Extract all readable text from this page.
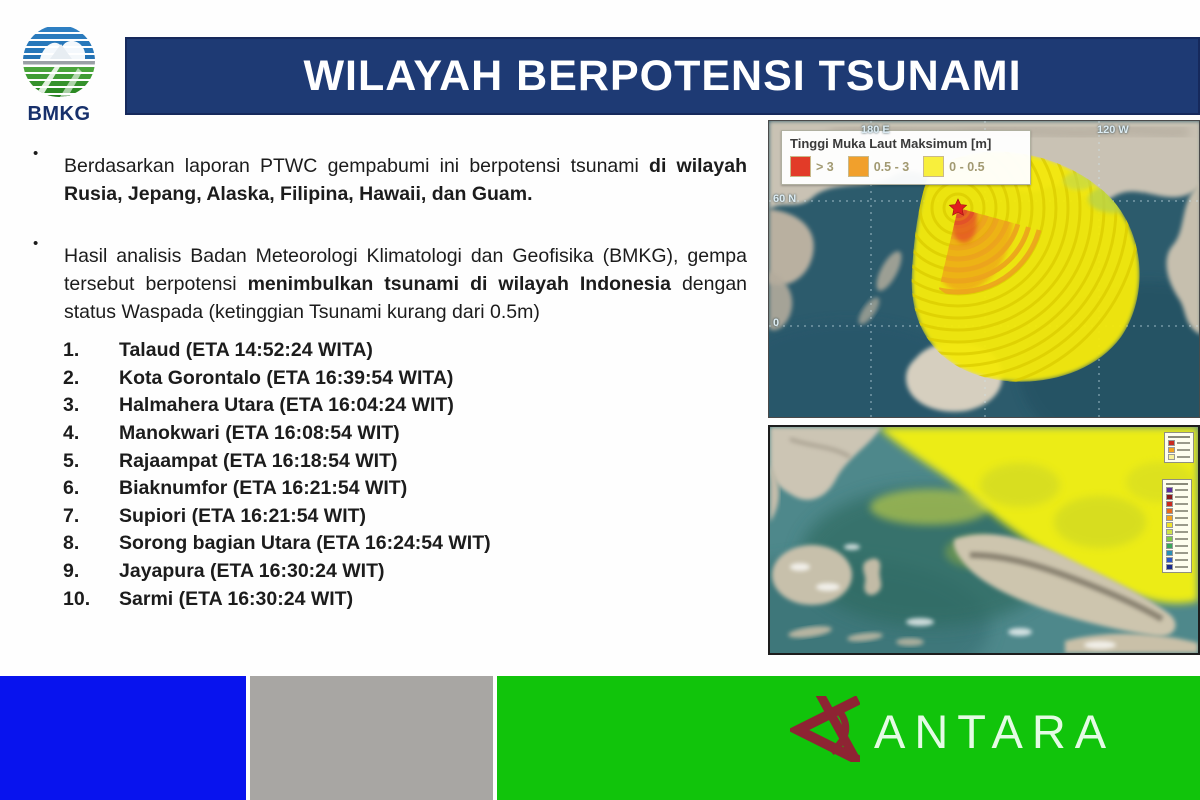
BMKG
WILAYAH BERPOTENSI TSUNAMI
•

Berdasarkan laporan PTWC gempabumi ini berpotensi tsunami di wilayah Rusia, Jepang, Alaska, Filipina, Hawaii, dan Guam.

•

Hasil analisis Badan Meteorologi Klimatologi dan Geofisika (BMKG), gempa tersebut berpotensi menimbulkan tsunami di wilayah Indonesia dengan status Waspada (ketinggian Tsunami kurang dari 0.5m)

1.	Talaud (ETA 14:52:24 WITA)
2.	Kota Gorontalo (ETA 16:39:54 WITA)
3.	Halmahera Utara (ETA 16:04:24 WIT)
4.	Manokwari (ETA 16:08:54 WIT)
5.	Rajaampat (ETA 16:18:54 WIT)
6.	Biaknumfor (ETA 16:21:54 WIT)
7.	Supiori (ETA 16:21:54 WIT)
8.	Sorong bagian Utara (ETA 16:24:54 WIT)
9.	Jayapura (ETA 16:30:24 WIT)
10.	Sarmi (ETA 16:30:24 WIT)
Tinggi Muka Laut Maksimum [m]
> 3	0.5 - 3	0 - 0.5
180 E	120 W
60 N
0
ANTARA
